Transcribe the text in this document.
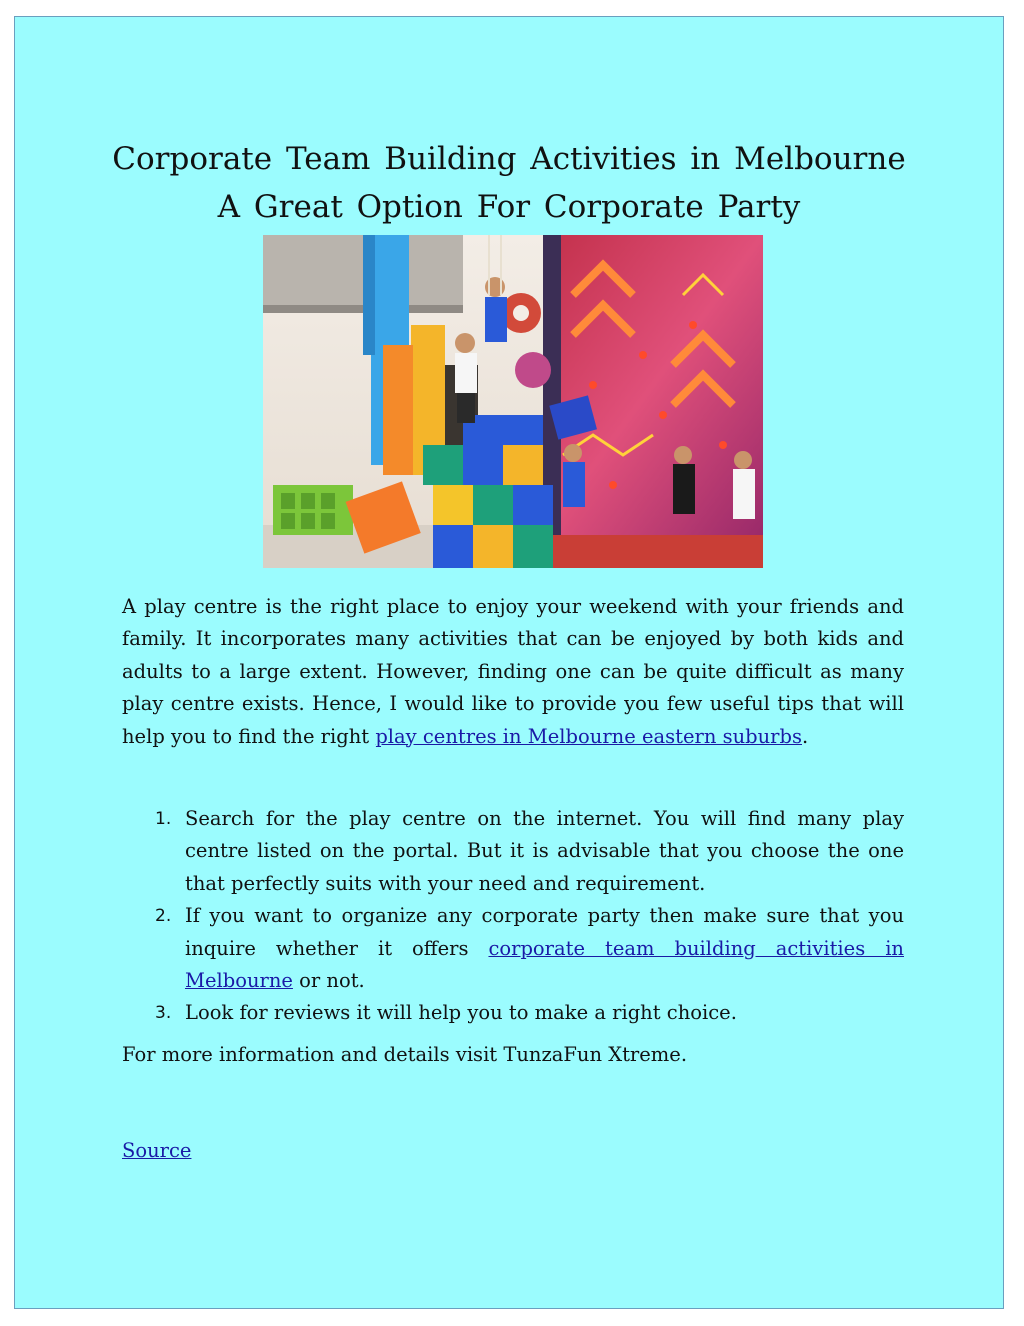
Corporate Team Building Activities in Melbourne
A Great Option For Corporate Party

A play centre is the right place to enjoy your weekend with your friends and family. It incorporates many activities that can be enjoyed by both kids and adults to a large extent. However, finding one can be quite difficult as many play centre exists. Hence, I would like to provide you few useful tips that will help you to find the right play centres in Melbourne eastern suburbs.

1. Search for the play centre on the internet. You will find many play centre listed on the portal. But it is advisable that you choose the one that perfectly suits with your need and requirement.
2. If you want to organize any corporate party then make sure that you inquire whether it offers corporate team building activities in Melbourne or not.
3. Look for reviews it will help you to make a right choice.

For more information and details visit TunzaFun Xtreme.

Source
